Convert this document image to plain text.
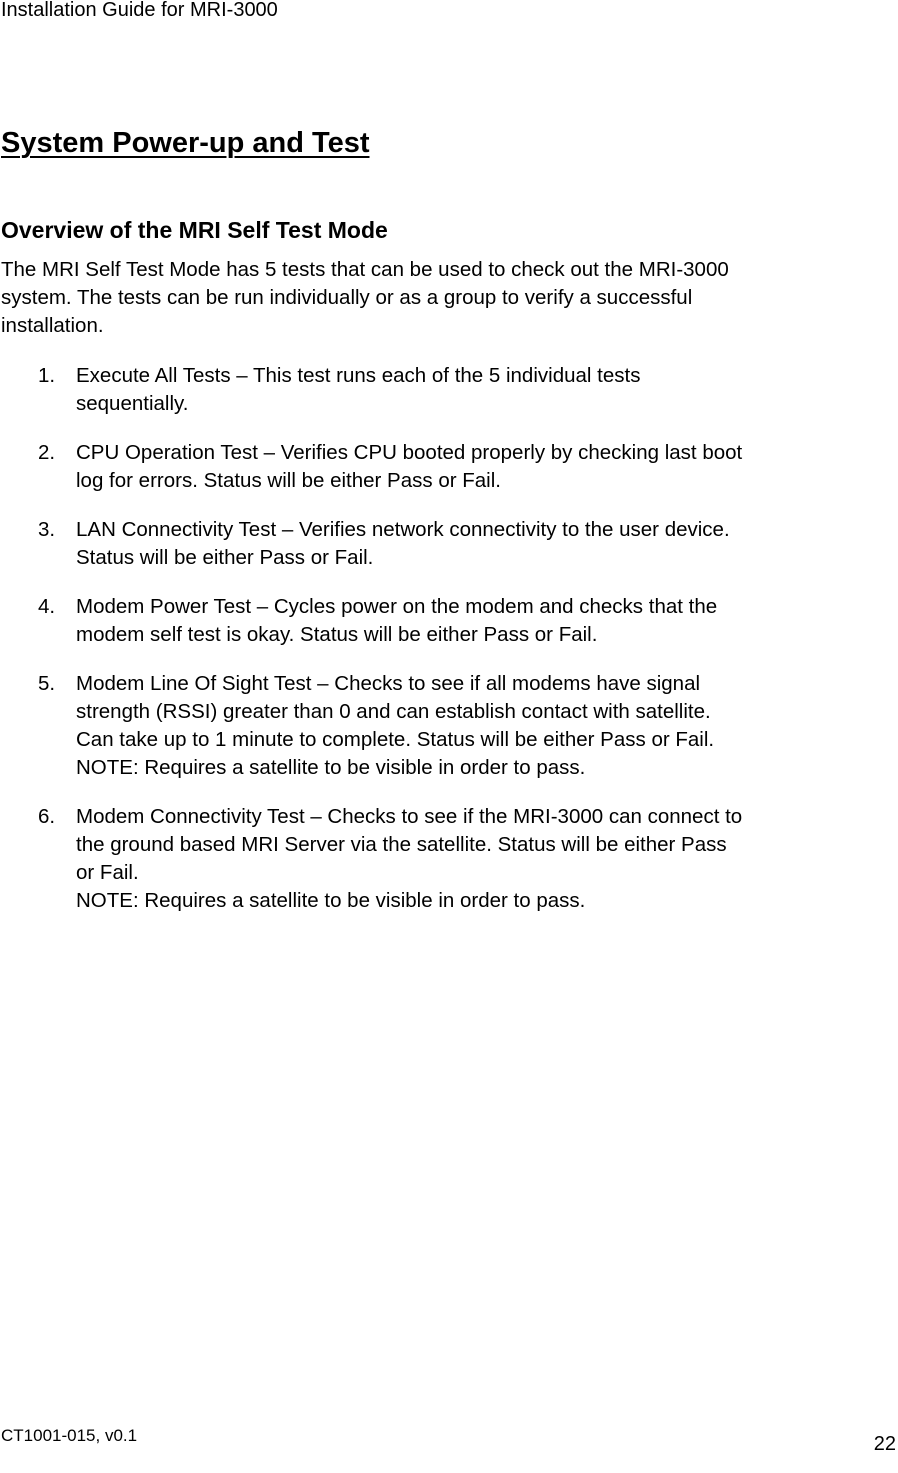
Installation Guide for MRI-3000
System Power-up and Test
Overview of the MRI Self Test Mode

The MRI Self Test Mode has 5 tests that can be used to check out the MRI-3000
system. The tests can be run individually or as a group to verify a successful
installation.

1. Execute All Tests – This test runs each of the 5 individual tests
sequentially.
2. CPU Operation Test – Verifies CPU booted properly by checking last boot
log for errors. Status will be either Pass or Fail.
3. LAN Connectivity Test – Verifies network connectivity to the user device.
Status will be either Pass or Fail.
4. Modem Power Test – Cycles power on the modem and checks that the
modem self test is okay. Status will be either Pass or Fail.
5. Modem Line Of Sight Test – Checks to see if all modems have signal
strength (RSSI) greater than 0 and can establish contact with satellite.
Can take up to 1 minute to complete. Status will be either Pass or Fail.
NOTE: Requires a satellite to be visible in order to pass.
6. Modem Connectivity Test – Checks to see if the MRI-3000 can connect to
the ground based MRI Server via the satellite. Status will be either Pass
or Fail.
NOTE: Requires a satellite to be visible in order to pass.
CT1001-015, v0.1	22
